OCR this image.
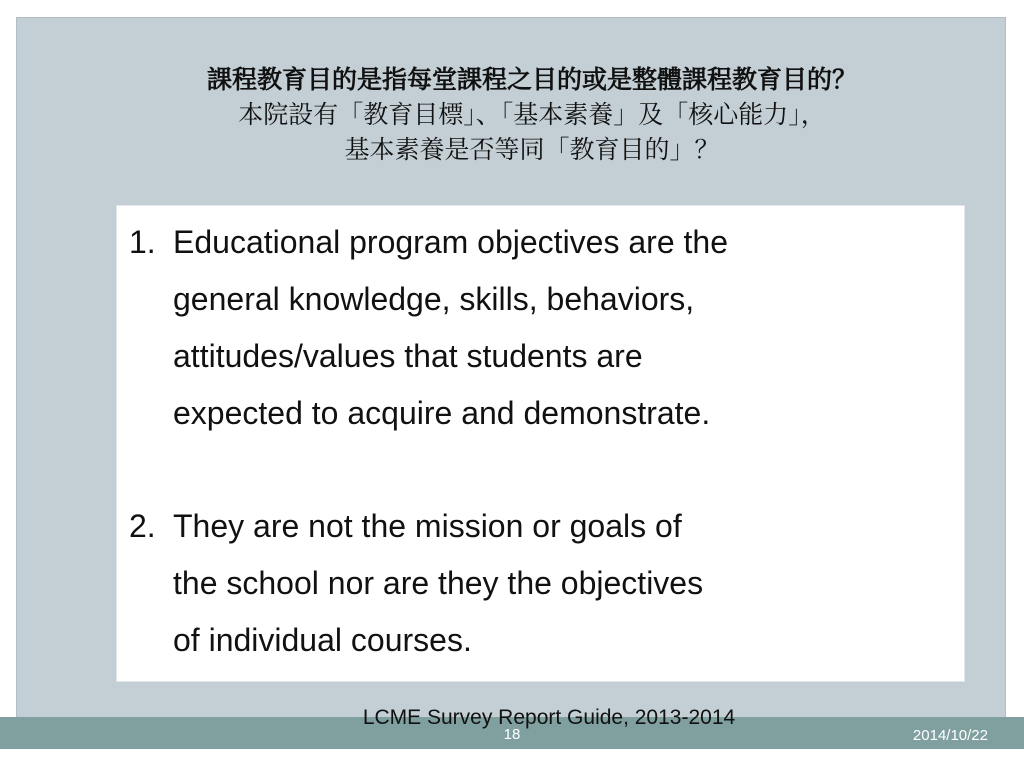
課程教育目的是指每堂課程之目的或是整體課程教育目的？
本院設有「教育目標」、「基本素養」及「核心能力」，
基本素養是否等同「教育目的」？
1. Educational program objectives are the
general knowledge, skills, behaviors,
attitudes/values that students are
expected to acquire and demonstrate.
2. They are not the mission or goals of
the school nor are they the objectives
of individual courses.
18
LCME Survey Report Guide, 2013-2014
2014/10/22
